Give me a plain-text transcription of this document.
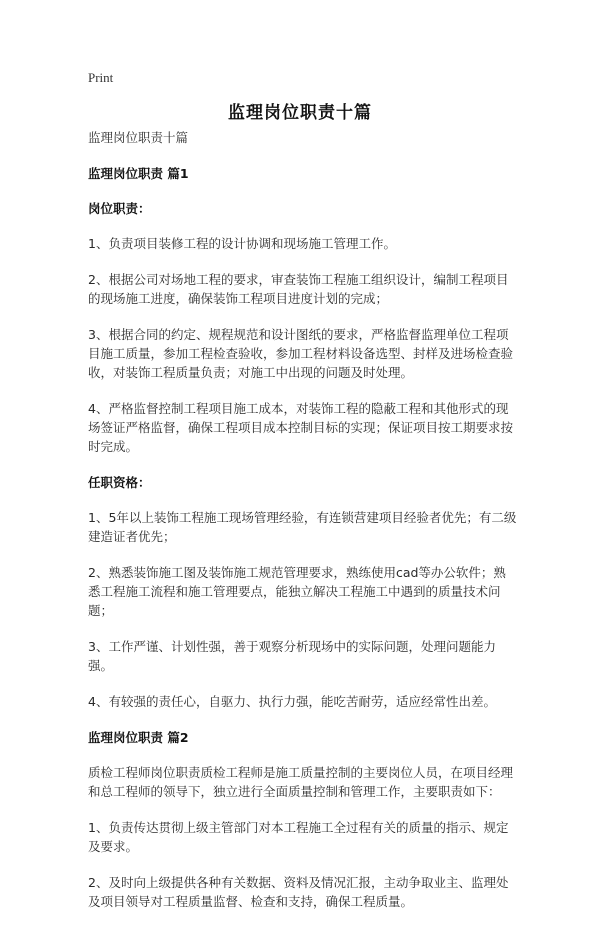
Print
监理岗位职责十篇

监理岗位职责十篇

监理岗位职责 篇1

岗位职责：

1、负责项目装修工程的设计协调和现场施工管理工作。

2、根据公司对场地工程的要求，审查装饰工程施工组织设计，编制工程项目的现场施工进度，确保装饰工程项目进度计划的完成；

3、根据合同的约定、规程规范和设计图纸的要求，严格监督监理单位工程项目施工质量，参加工程检查验收，参加工程材料设备选型、封样及进场检查验收，对装饰工程质量负责；对施工中出现的问题及时处理。

4、严格监督控制工程项目施工成本，对装饰工程的隐蔽工程和其他形式的现场签证严格监督，确保工程项目成本控制目标的实现；保证项目按工期要求按时完成。

任职资格：

1、5年以上装饰工程施工现场管理经验，有连锁营建项目经验者优先；有二级建造证者优先；

2、熟悉装饰施工图及装饰施工规范管理要求，熟练使用cad等办公软件；熟悉工程施工流程和施工管理要点，能独立解决工程施工中遇到的质量技术问题；

3、工作严谨、计划性强，善于观察分析现场中的实际问题，处理问题能力强。

4、有较强的责任心，自驱力、执行力强，能吃苦耐劳，适应经常性出差。

监理岗位职责 篇2

质检工程师岗位职责质检工程师是施工质量控制的主要岗位人员，在项目经理和总工程师的领导下，独立进行全面质量控制和管理工作，主要职责如下：

1、负责传达贯彻上级主管部门对本工程施工全过程有关的质量的指示、规定及要求。

2、及时向上级提供各种有关数据、资料及情况汇报，主动争取业主、监理处及项目领导对工程质量监督、检查和支持，确保工程质量。
